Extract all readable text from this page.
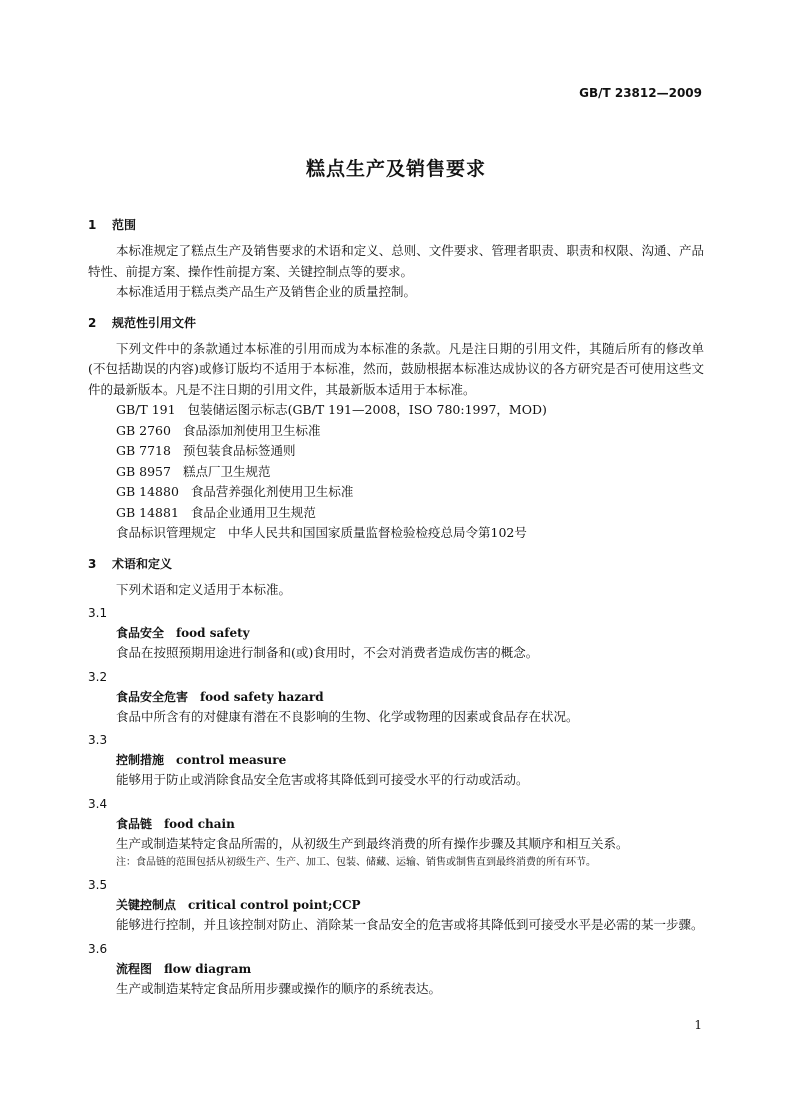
GB/T 23812—2009
糕点生产及销售要求
1 范围

本标准规定了糕点生产及销售要求的术语和定义、总则、文件要求、管理者职责、职责和权限、沟通、产品特性、前提方案、操作性前提方案、关键控制点等的要求。

本标准适用于糕点类产品生产及销售企业的质量控制。

2 规范性引用文件

下列文件中的条款通过本标准的引用而成为本标准的条款。凡是注日期的引用文件，其随后所有的修改单(不包括勘误的内容)或修订版均不适用于本标准，然而，鼓励根据本标准达成协议的各方研究是否可使用这些文件的最新版本。凡是不注日期的引用文件，其最新版本适用于本标准。

GB/T 191 包装储运图示标志(GB/T 191—2008，ISO 780:1997，MOD)
GB 2760 食品添加剂使用卫生标准
GB 7718 预包装食品标签通则
GB 8957 糕点厂卫生规范
GB 14880 食品营养强化剂使用卫生标准
GB 14881 食品企业通用卫生规范
食品标识管理规定 中华人民共和国国家质量监督检验检疫总局令第102号
3 术语和定义

下列术语和定义适用于本标准。

3.1
食品安全 food safety

食品在按照预期用途进行制备和(或)食用时，不会对消费者造成伤害的概念。

3.2
食品安全危害 food safety hazard

食品中所含有的对健康有潜在不良影响的生物、化学或物理的因素或食品存在状况。

3.3
控制措施 control measure

能够用于防止或消除食品安全危害或将其降低到可接受水平的行动或活动。

3.4
食品链 food chain

生产或制造某特定食品所需的，从初级生产到最终消费的所有操作步骤及其顺序和相互关系。

注：食品链的范围包括从初级生产、生产、加工、包装、储藏、运输、销售或制售直到最终消费的所有环节。
3.5
关键控制点 critical control point;CCP

能够进行控制，并且该控制对防止、消除某一食品安全的危害或将其降低到可接受水平是必需的某一步骤。

3.6
流程图 flow diagram

生产或制造某特定食品所用步骤或操作的顺序的系统表达。

1
